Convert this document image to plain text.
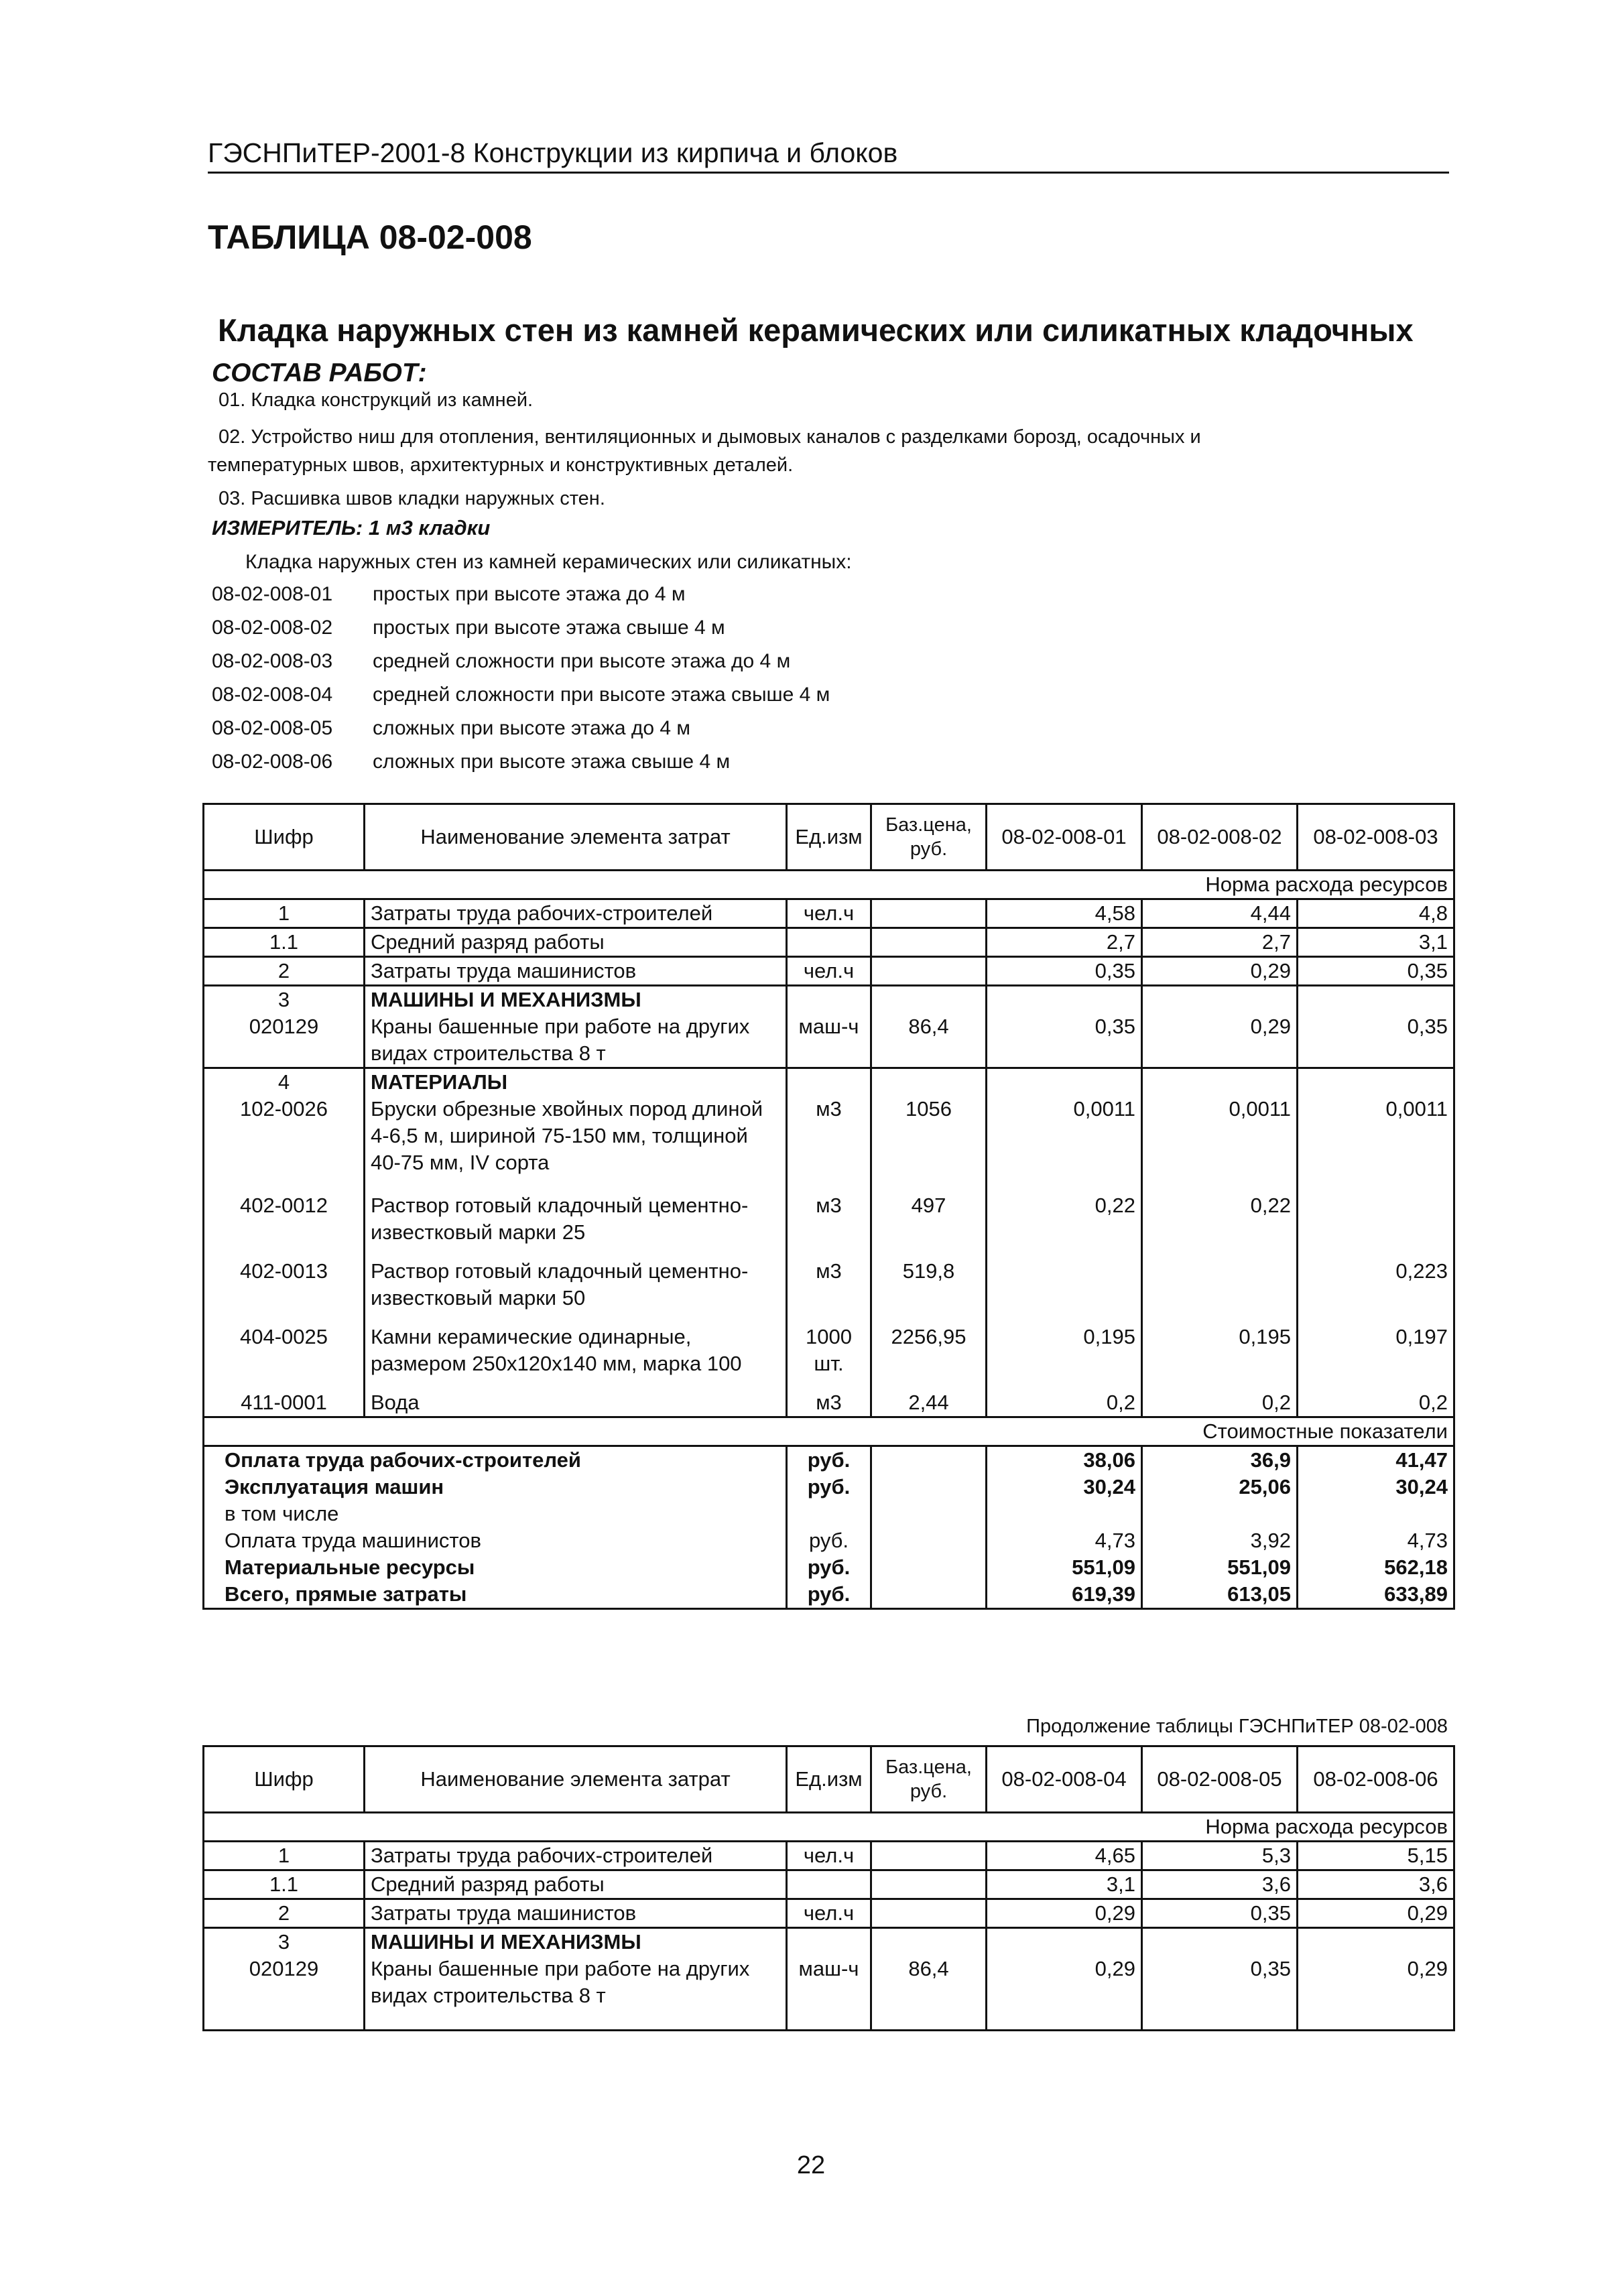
ГЭСНПиТЕР-2001-8 Конструкции из кирпича и блоков
ТАБЛИЦА 08-02-008
Кладка наружных стен из камней керамических или силикатных кладочных
СОСТАВ РАБОТ:
01. Кладка конструкций из камней.
02. Устройство ниш для отопления, вентиляционных и дымовых каналов с разделками борозд, осадочных и
температурных швов, архитектурных и конструктивных деталей.
03. Расшивка швов кладки наружных стен.
ИЗМЕРИТЕЛЬ: 1 м3 кладки
Кладка наружных стен из камней керамических или силикатных:
08-02-008-01 простых при высоте этажа до 4 м
08-02-008-02 простых при высоте этажа свыше 4 м
08-02-008-03 средней сложности при высоте этажа до 4 м
08-02-008-04 средней сложности при высоте этажа свыше 4 м
08-02-008-05 сложных при высоте этажа до 4 м
08-02-008-06 сложных при высоте этажа свыше 4 м
Шифр	Наименование элемента затрат	Ед.изм	Баз.цена, руб.	08-02-008-01	08-02-008-02	08-02-008-03
Норма расхода ресурсов						
1	Затраты труда рабочих-строителей	чел.ч		4,58	4,44	4,8
1.1	Средний разряд работы			2,7	2,7	3,1
2	Затраты труда машинистов	чел.ч		0,35	0,29	0,35
3	МАШИНЫ И МЕХАНИЗМЫ					
020129	Краны башенные при работе на других видах строительства 8 т	маш-ч	86,4	0,35	0,29	0,35
4	МАТЕРИАЛЫ					
102-0026	Бруски обрезные хвойных пород длиной 4-6,5 м, шириной 75-150 мм, толщиной 40-75 мм, IV сорта	м3	1056	0,0011	0,0011	0,0011
402-0012	Раствор готовый кладочный цементно-известковый марки 25	м3	497	0,22	0,22	
402-0013	Раствор готовый кладочный цементно-известковый марки 50	м3	519,8			0,223
404-0025	Камни керамические одинарные, размером 250х120х140 мм, марка 100	1000 шт.	2256,95	0,195	0,195	0,197
411-0001	Вода	м3	2,44	0,2	0,2	0,2
Стоимостные показатели						
Оплата труда рабочих-строителей		руб.		38,06	36,9	41,47
Эксплуатация машин		руб.		30,24	25,06	30,24
в том числе						
Оплата труда машинистов		руб.		4,73	3,92	4,73
Материальные ресурсы		руб.		551,09	551,09	562,18
Всего, прямые затраты		руб.		619,39	613,05	633,89
Продолжение таблицы ГЭСНПиТЕР 08-02-008
Шифр	Наименование элемента затрат	Ед.изм	Баз.цена, руб.	08-02-008-04	08-02-008-05	08-02-008-06
Норма расхода ресурсов						
1	Затраты труда рабочих-строителей	чел.ч		4,65	5,3	5,15
1.1	Средний разряд работы			3,1	3,6	3,6
2	Затраты труда машинистов	чел.ч		0,29	0,35	0,29
3	МАШИНЫ И МЕХАНИЗМЫ					
020129	Краны башенные при работе на других видах строительства 8 т	маш-ч	86,4	0,29	0,35	0,29
22
